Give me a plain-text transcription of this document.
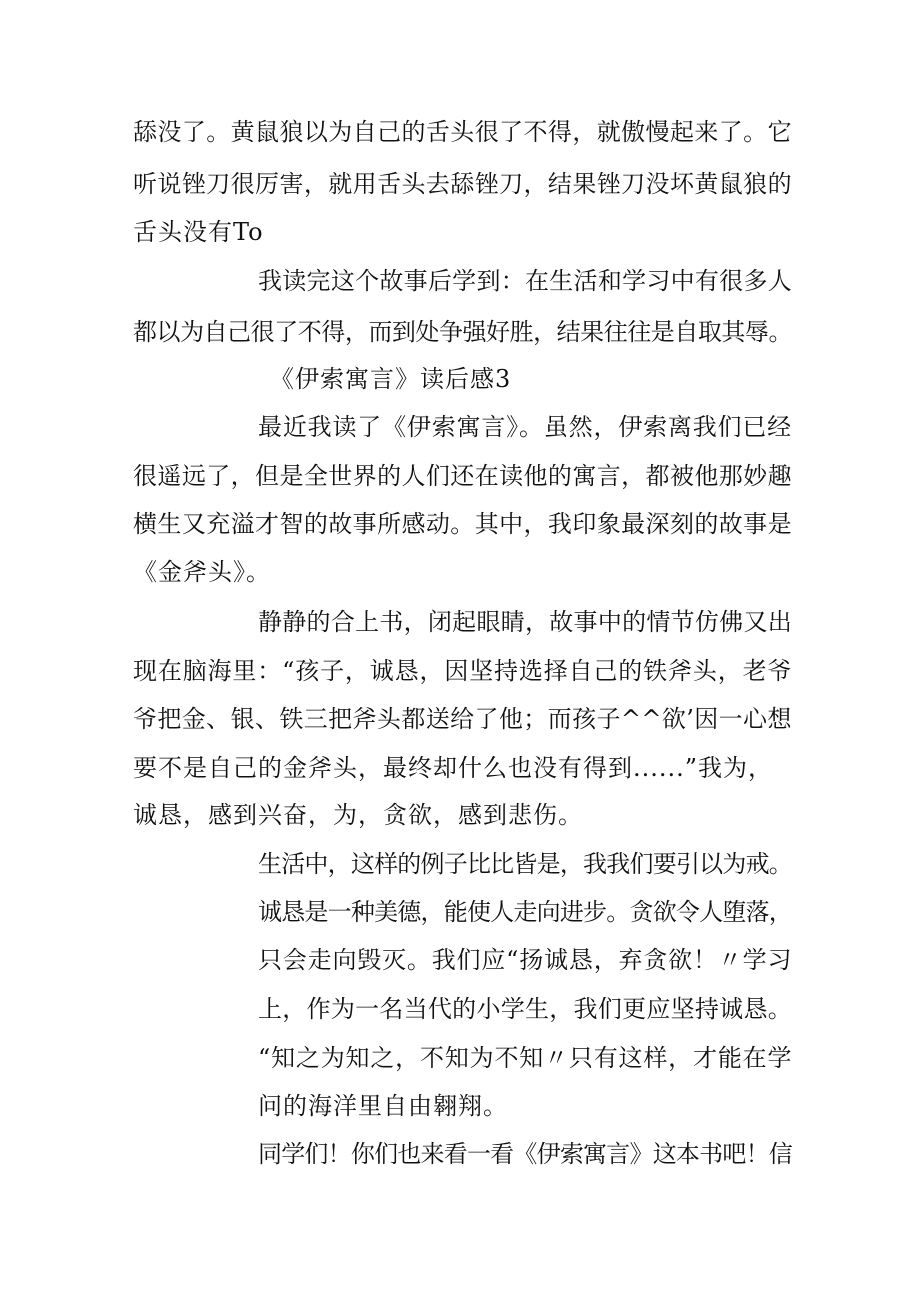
舔没了。黄鼠狼以为自己的舌头很了不得，就傲慢起来了。它
听说锉刀很厉害，就用舌头去舔锉刀，结果锉刀没坏黄鼠狼的
舌头没有To
我读完这个故事后学到：在生活和学习中有很多人
都以为自己很了不得，而到处争强好胜，结果往往是自取其辱。
《伊索寓言》读后感3
最近我读了《伊索寓言》。虽然，伊索离我们已经
很遥远了，但是全世界的人们还在读他的寓言，都被他那妙趣
横生又充溢才智的故事所感动。其中，我印象最深刻的故事是
《金斧头》。
静静的合上书，闭起眼睛，故事中的情节仿佛又出
现在脑海里：“孩子，诚恳，因坚持选择自己的铁斧头，老爷
爷把金、银、铁三把斧头都送给了他；而孩子^^欲’因一心想
要不是自己的金斧头，最终却什么也没有得到......”我为，
诚恳，感到兴奋，为，贪欲，感到悲伤。
生活中，这样的例子比比皆是，我我们要引以为戒。
诚恳是一种美德，能使人走向进步。贪欲令人堕落，
只会走向毁灭。我们应“扬诚恳，弃贪欲！〃学习
上，作为一名当代的小学生，我们更应坚持诚恳。
“知之为知之，不知为不知〃只有这样，才能在学
问的海洋里自由翱翔。
同学们！你们也来看一看《伊索寓言》这本书吧！信
